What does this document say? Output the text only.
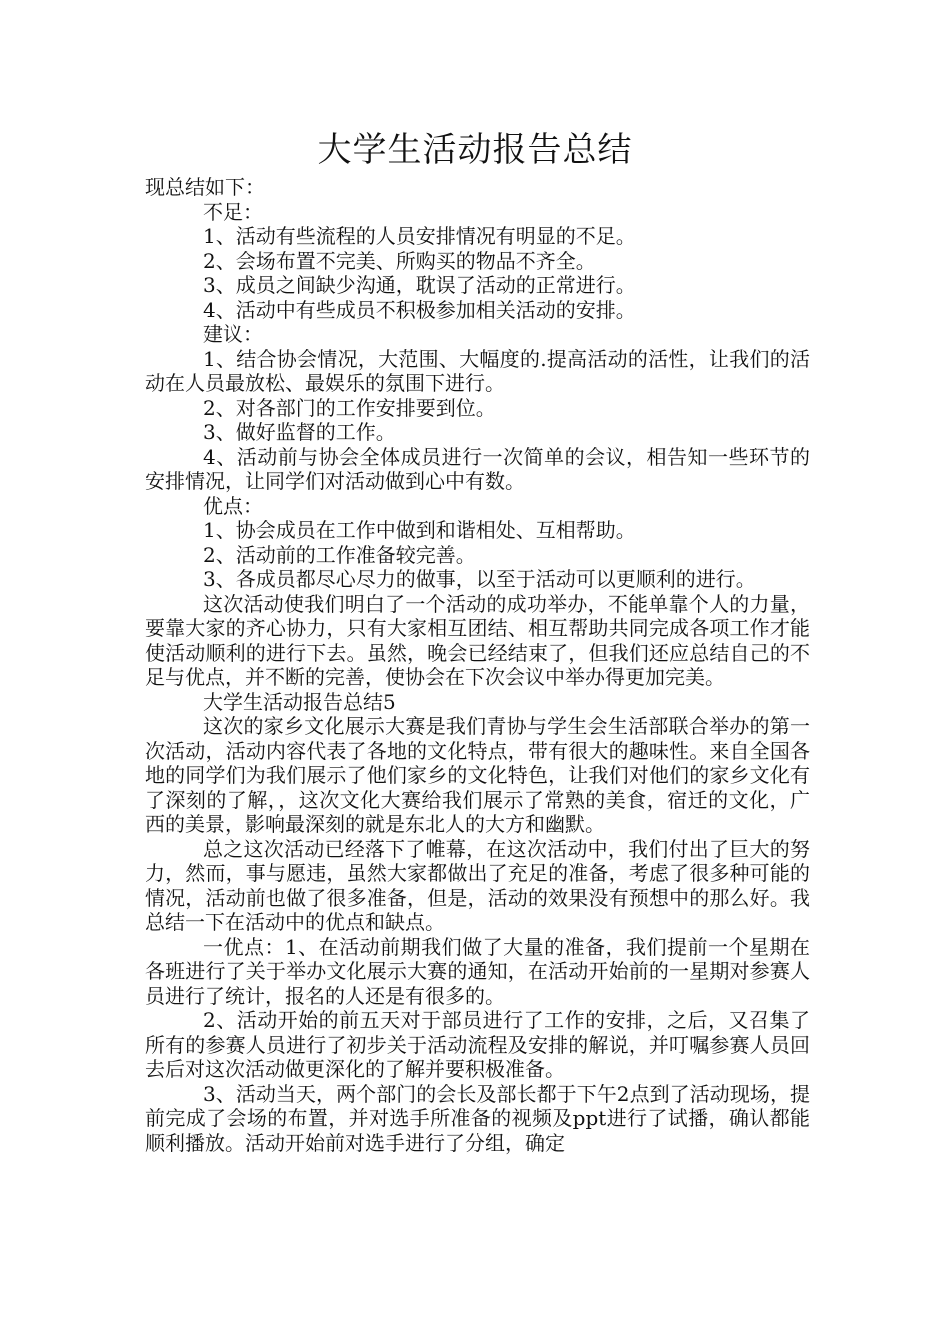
大学生活动报告总结

现总结如下：

不足：

1、活动有些流程的人员安排情况有明显的不足。

2、会场布置不完美、所购买的物品不齐全。

3、成员之间缺少沟通，耽误了活动的正常进行。

4、活动中有些成员不积极参加相关活动的安排。

建议：

1、结合协会情况，大范围、大幅度的.提高活动的活性，让我们的活动在人员最放松、最娱乐的氛围下进行。

2、对各部门的工作安排要到位。

3、做好监督的工作。

4、活动前与协会全体成员进行一次简单的会议，相告知一些环节的安排情况，让同学们对活动做到心中有数。

优点：

1、协会成员在工作中做到和谐相处、互相帮助。

2、活动前的工作准备较完善。

3、各成员都尽心尽力的做事，以至于活动可以更顺利的进行。

这次活动使我们明白了一个活动的成功举办，不能单靠个人的力量，要靠大家的齐心协力，只有大家相互团结、相互帮助共同完成各项工作才能使活动顺利的进行下去。虽然，晚会已经结束了，但我们还应总结自己的不足与优点，并不断的完善，使协会在下次会议中举办得更加完美。

大学生活动报告总结5

这次的家乡文化展示大赛是我们青协与学生会生活部联合举办的第一次活动，活动内容代表了各地的文化特点，带有很大的趣味性。来自全国各地的同学们为我们展示了他们家乡的文化特色，让我们对他们的家乡文化有了深刻的了解，，这次文化大赛给我们展示了常熟的美食，宿迁的文化，广西的美景，影响最深刻的就是东北人的大方和幽默。

总之这次活动已经落下了帷幕，在这次活动中，我们付出了巨大的努力，然而，事与愿违，虽然大家都做出了充足的准备，考虑了很多种可能的情况，活动前也做了很多准备，但是，活动的效果没有预想中的那么好。我总结一下在活动中的优点和缺点。

一优点：1、在活动前期我们做了大量的准备，我们提前一个星期在各班进行了关于举办文化展示大赛的通知，在活动开始前的一星期对参赛人员进行了统计，报名的人还是有很多的。

2、活动开始的前五天对于部员进行了工作的安排，之后，又召集了所有的参赛人员进行了初步关于活动流程及安排的解说，并叮嘱参赛人员回去后对这次活动做更深化的了解并要积极准备。

3、活动当天，两个部门的会长及部长都于下午2点到了活动现场，提前完成了会场的布置，并对选手所准备的视频及ppt进行了试播，确认都能顺利播放。活动开始前对选手进行了分组，确定
